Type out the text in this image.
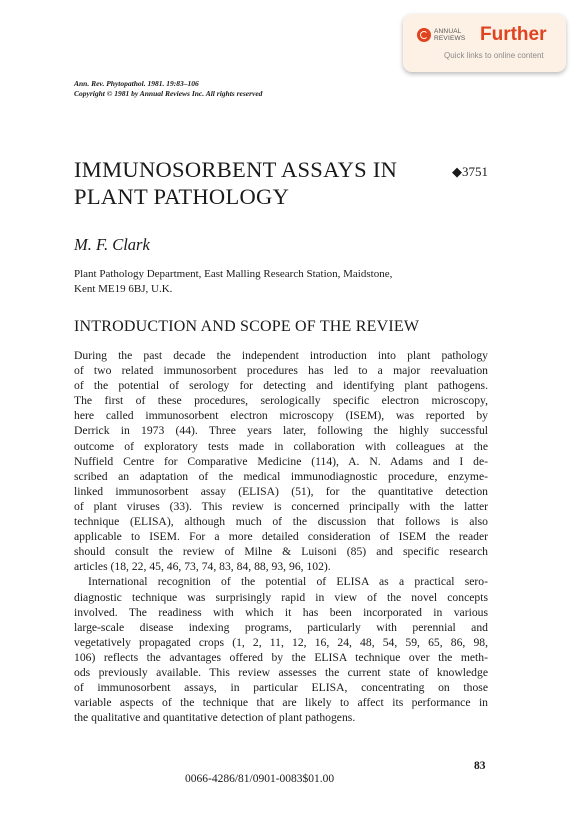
ANNUAL
REVIEWS Further
Quick links to online content
Ann. Rev. Phytopathol. 1981. 19:83–106
Copyright © 1981 by Annual Reviews Inc. All rights reserved
IMMUNOSORBENT ASSAYS IN
PLANT PATHOLOGY
◆3751
M. F. Clark
Plant Pathology Department, East Malling Research Station, Maidstone,
Kent ME19 6BJ, U.K.
INTRODUCTION AND SCOPE OF THE REVIEW
During the past decade the independent introduction into plant pathology
of two related immunosorbent procedures has led to a major reevaluation
of the potential of serology for detecting and identifying plant pathogens.
The first of these procedures, serologically specific electron microscopy,
here called immunosorbent electron microscopy (ISEM), was reported by
Derrick in 1973 (44). Three years later, following the highly successful
outcome of exploratory tests made in collaboration with colleagues at the
Nuffield Centre for Comparative Medicine (114), A. N. Adams and I de-
scribed an adaptation of the medical immunodiagnostic procedure, enzyme-
linked immunosorbent assay (ELISA) (51), for the quantitative detection
of plant viruses (33). This review is concerned principally with the latter
technique (ELISA), although much of the discussion that follows is also
applicable to ISEM. For a more detailed consideration of ISEM the reader
should consult the review of Milne & Luisoni (85) and specific research
articles (18, 22, 45, 46, 73, 74, 83, 84, 88, 93, 96, 102).
International recognition of the potential of ELISA as a practical sero-
diagnostic technique was surprisingly rapid in view of the novel concepts
involved. The readiness with which it has been incorporated in various
large-scale disease indexing programs, particularly with perennial and
vegetatively propagated crops (1, 2, 11, 12, 16, 24, 48, 54, 59, 65, 86, 98,
106) reflects the advantages offered by the ELISA technique over the meth-
ods previously available. This review assesses the current state of knowledge
of immunosorbent assays, in particular ELISA, concentrating on those
variable aspects of the technique that are likely to affect its performance in
the qualitative and quantitative detection of plant pathogens.
83
0066-4286/81/0901-0083$01.00
